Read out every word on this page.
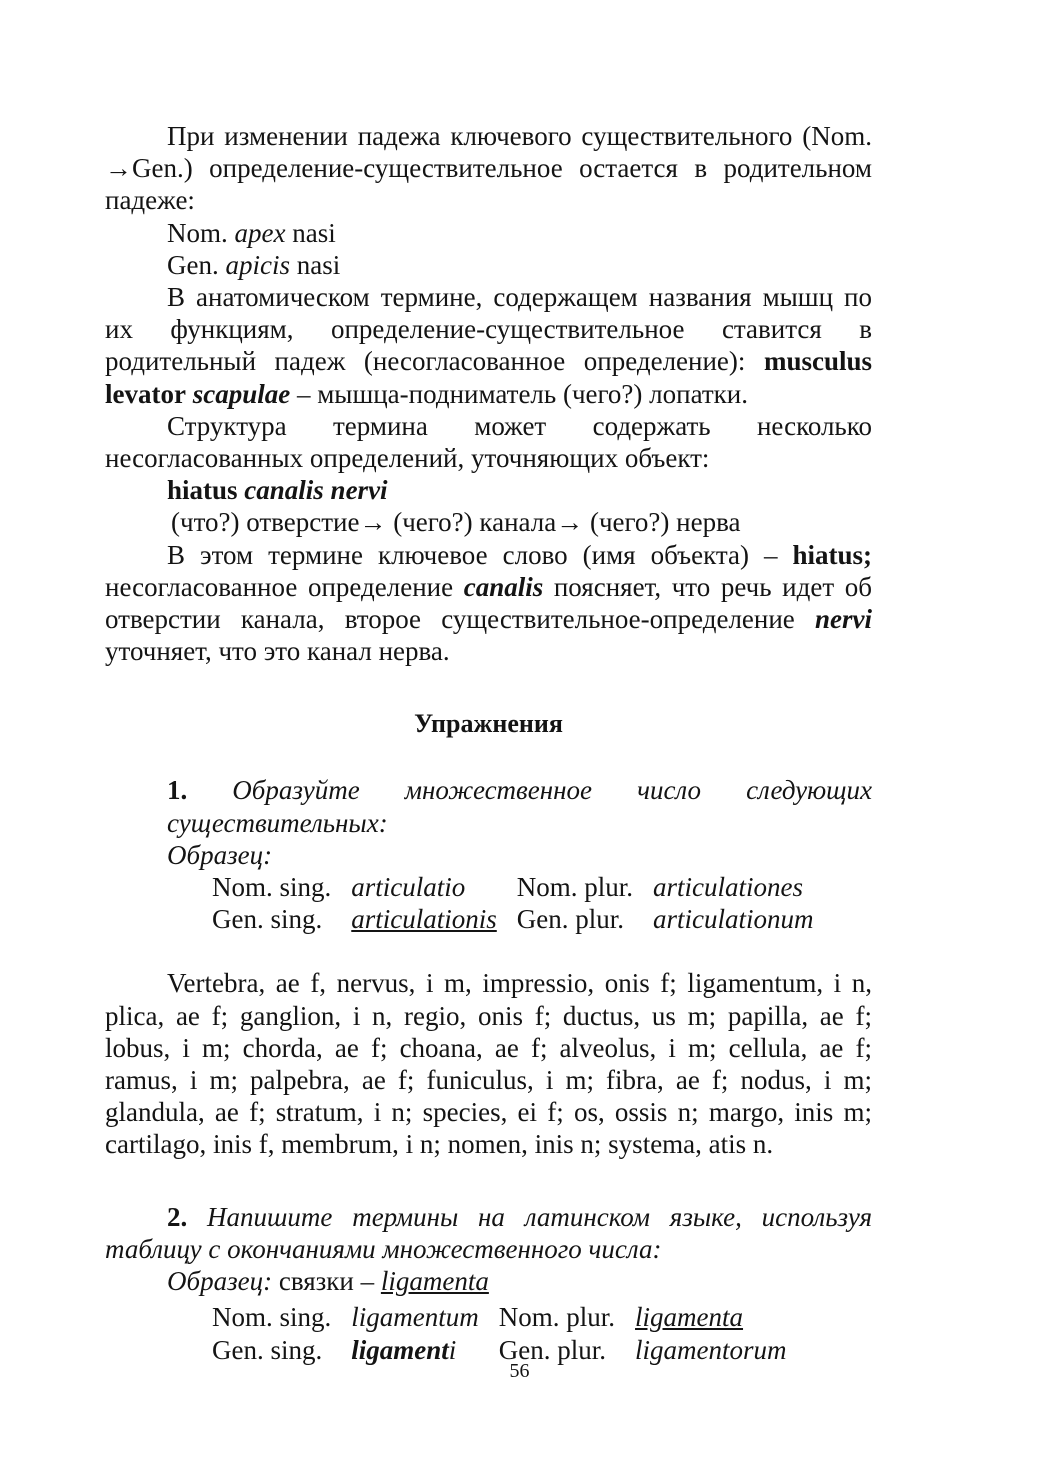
При изменении падежа ключевого существительного (Nom. →Gen.) определение-существительное остается в родительном падеже:

Nom. apex nasi

Gen. apicis nasi

В анатомическом термине, содержащем названия мышц по их функциям, определение-существительное ставится в родительный падеж (несогласованное определение): musculus levator scapulae – мышца-подниматель (чего?) лопатки.

Структура термина может содержать несколько несогласованных определений, уточняющих объект:

hiatus canalis nervi

(что?) отверстие→ (чего?) канала→ (чего?) нерва

В этом термине ключевое слово (имя объекта) – hiatus; несогласованное определение canalis поясняет, что речь идет об отверстии канала, второе существительное-определение nervi уточняет, что это канал нерва.

Упражнения

1. Образуйте множественное число следующих существительных:

Образец:

Nom. sing.	articulatio	Nom. plur.	articulationes
Gen. sing.	articulationis	Gen. plur.	articulationum

Vertebra, ae f, nervus, i m, impressio, onis f; ligamentum, i n, plica, ae f; ganglion, i n, regio, onis f; ductus, us m; papilla, ae f; lobus, i m; chorda, ae f; choana, ae f; alveolus, i m; cellula, ae f; ramus, i m; palpebra, ae f; funiculus, i m; fibra, ae f; nodus, i m; glandula, ae f; stratum, i n; species, ei f; os, ossis n; margo, inis m; cartilago, inis f, membrum, i n; nomen, inis n; systema, atis n.

2. Напишите термины на латинском языке, используя таблицу с окончаниями множественного числа:

Образец: связки – ligamenta

Nom. sing.	ligamentum	Nom. plur.	ligamenta
Gen. sing.	ligamenti	Gen. plur.	ligamentorum
56
